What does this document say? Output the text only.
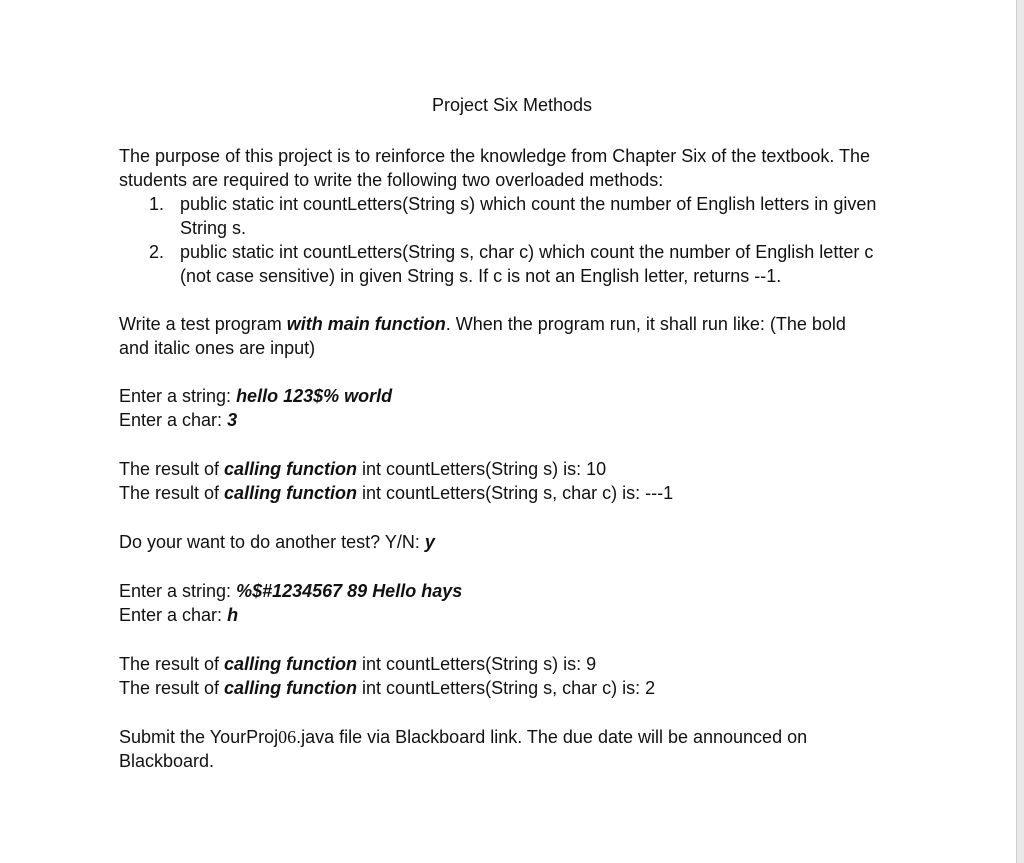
Project Six Methods

The purpose of this project is to reinforce the knowledge from Chapter Six of the textbook. The
students are required to write the following two overloaded methods:

1. public static int countLetters(String s) which count the number of English letters in given
String s.
2. public static int countLetters(String s, char c) which count the number of English letter c
(not case sensitive) in given String s. If c is not an English letter, returns --1.

Write a test program with main function. When the program run, it shall run like: (The bold
and italic ones are input)

Enter a string: hello 123$% world
Enter a char: 3

The result of calling function int countLetters(String s) is: 10
The result of calling function int countLetters(String s, char c) is: ---1

Do your want to do another test? Y/N: y

Enter a string: %$#1234567 89 Hello hays
Enter a char: h

The result of calling function int countLetters(String s) is: 9
The result of calling function int countLetters(String s, char c) is: 2

Submit the YourProj06.java file via Blackboard link. The due date will be announced on
Blackboard.
